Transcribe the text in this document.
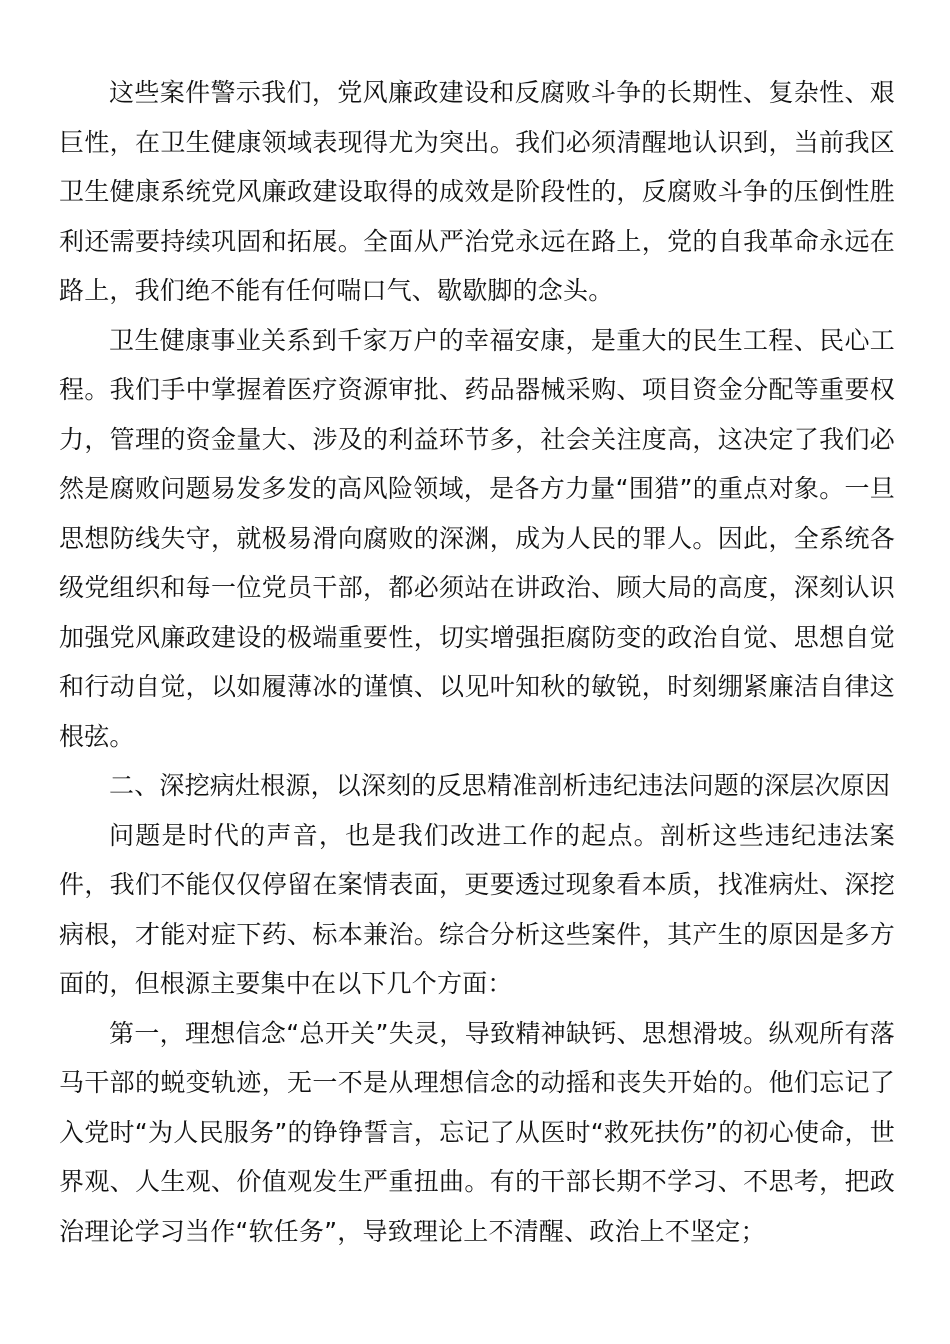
这些案件警示我们，党风廉政建设和反腐败斗争的长期性、复杂性、艰巨性，在卫生健康领域表现得尤为突出。我们必须清醒地认识到，当前我区卫生健康系统党风廉政建设取得的成效是阶段性的，反腐败斗争的压倒性胜利还需要持续巩固和拓展。全面从严治党永远在路上，党的自我革命永远在路上，我们绝不能有任何喘口气、歇歇脚的念头。

卫生健康事业关系到千家万户的幸福安康，是重大的民生工程、民心工程。我们手中掌握着医疗资源审批、药品器械采购、项目资金分配等重要权力，管理的资金量大、涉及的利益环节多，社会关注度高，这决定了我们必然是腐败问题易发多发的高风险领域，是各方力量“围猎”的重点对象。一旦思想防线失守，就极易滑向腐败的深渊，成为人民的罪人。因此，全系统各级党组织和每一位党员干部，都必须站在讲政治、顾大局的高度，深刻认识加强党风廉政建设的极端重要性，切实增强拒腐防变的政治自觉、思想自觉和行动自觉，以如履薄冰的谨慎、以见叶知秋的敏锐，时刻绷紧廉洁自律这根弦。

二、深挖病灶根源，以深刻的反思精准剖析违纪违法问题的深层次原因

问题是时代的声音，也是我们改进工作的起点。剖析这些违纪违法案件，我们不能仅仅停留在案情表面，更要透过现象看本质，找准病灶、深挖病根，才能对症下药、标本兼治。综合分析这些案件，其产生的原因是多方面的，但根源主要集中在以下几个方面：

第一，理想信念“总开关”失灵，导致精神缺钙、思想滑坡。纵观所有落马干部的蜕变轨迹，无一不是从理想信念的动摇和丧失开始的。他们忘记了入党时“为人民服务”的铮铮誓言，忘记了从医时“救死扶伤”的初心使命，世界观、人生观、价值观发生严重扭曲。有的干部长期不学习、不思考，把政治理论学习当作“软任务”，导致理论上不清醒、政治上不坚定；
